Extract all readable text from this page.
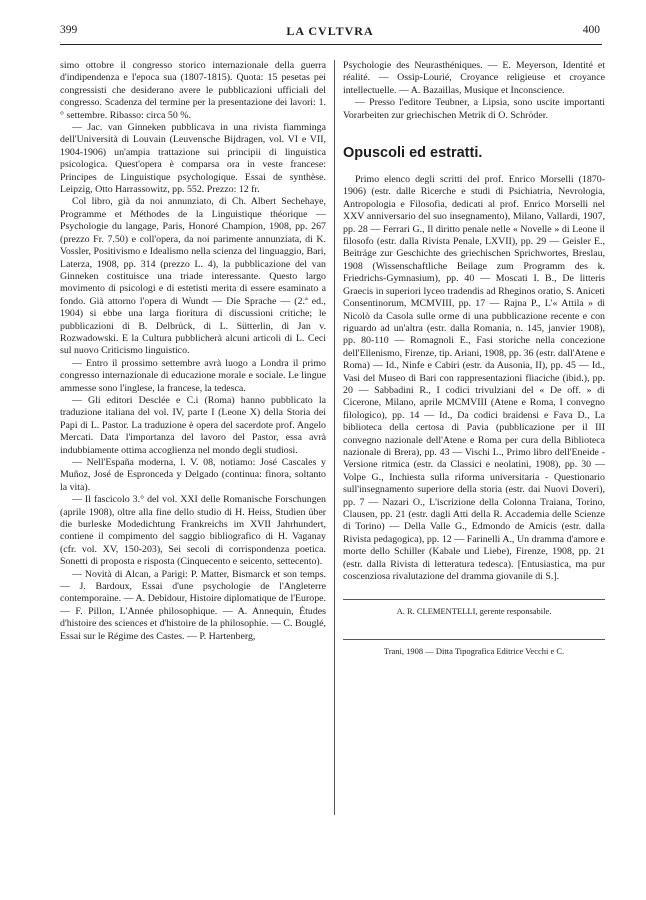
399	LA CVLTVRA	400

simo ottobre il congresso storico internazionale della guerra d'indipendenza e l'epoca sua (1807-1815). Quota: 15 pesetas pei congressisti che desiderano avere le pubblicazioni ufficiali del congresso. Scadenza del termine per la presentazione dei lavori: 1.° settembre. Ribasso: circa 50 %.

— Jac. van Ginneken pubblicava in una rivista fiamminga dell'Università di Louvain (Leuvensche Bijdragen, vol. VI e VII, 1904-1906) un'ampia trattazione sui principii di linguistica psicologica. Quest'opera è comparsa ora in veste francese: Principes de Linguistique psychologique. Essai de synthèse. Leipzig, Otto Harrassowitz, pp. 552. Prezzo: 12 fr.

Col libro, già da noi annunziato, di Ch. Albert Sechehaye, Programme et Méthodes de la Linguistique théorique — Psychologie du langage, Paris, Honoré Champion, 1908, pp. 267 (prezzo Fr. 7.50) e coll'opera, da noi parimente annunziata, di K. Vossler, Positivismo e Idealismo nella scienza del linguaggio, Bari, Laterza, 1908, pp. 314 (prezzo L. 4), la pubblicazione del van Ginneken costituisce una triade interessante. Questo largo movimento di psicologi e di estetisti merita di essere esaminato a fondo. Già attorno l'opera di Wundt — Die Sprache — (2.ª ed., 1904) si ebbe una larga fioritura di discussioni critiche; le pubblicazioni di B. Delbrück, di L. Sütterlin, di Jan v. Rozwadowski. E la Cultura pubblicherà alcuni articoli di L. Ceci sul nuovo Criticismo linguistico.

— Entro il prossimo settembre avrà luogo a Londra il primo congresso internazionale di educazione morale e sociale. Le lingue ammesse sono l'inglese, la francese, la tedesca.

— Gli editori Desclée e C.i (Roma) hanno pubblicato la traduzione italiana del vol. IV, parte I (Leone X) della Storia dei Papi di L. Pastor. La traduzione è opera del sacerdote prof. Angelo Mercati. Data l'importanza del lavoro del Pastor, essa avrà indubbiamente ottima accoglienza nel mondo degli studiosi.

— Nell'España moderna, l. V. 08, notiamo: José Cascales y Muñoz, José de Espronceda y Delgado (continua: finora, soltanto la vita).

— Il fascicolo 3.° del vol. XXI delle Romanische Forschungen (aprile 1908), oltre alla fine dello studio di H. Heiss, Studien über die burleske Modedichtung Frankreichs im XVII Jahrhundert, contiene il compimento del saggio bibliografico di H. Vaganay (cfr. vol. XV, 150-203), Sei secoli di corrispondenza poetica. Sonetti di proposta e risposta (Cinquecento e seicento, settecento).

— Novità di Alcan, a Parigi: P. Matter, Bismarck et son temps. — J. Bardoux, Essai d'une psychologie de l'Angleterre contemporaine. — A. Debidour, Histoire diplomatique de l'Europe. — F. Pillon, L'Année philosophique. — A. Annequin, Études d'histoire des sciences et d'histoire de la philosophie. — C. Bouglé, Essai sur le Régime des Castes. — P. Hartenberg,

Psychologie des Neurasthéniques. — E. Meyerson, Identité et réalité. — Ossip-Lourié, Croyance religieuse et croyance intellectuelle. — A. Bazaillas, Musique et Inconscience.

— Presso l'editore Teubner, a Lipsia, sono uscite importanti Vorarbeiten zur griechischen Metrik di O. Schröder.

Opuscoli ed estratti.

Primo elenco degli scritti del prof. Enrico Morselli (1870-1906) (estr. dalle Ricerche e studi di Psichiatria, Nevrologia, Antropologia e Filosofia, dedicati al prof. Enrico Morselli nel XXV anniversario del suo insegnamento), Milano, Vallardi, 1907, pp. 28 — Ferrari G., Il diritto penale nelle « Novelle » di Leone il filosofo (estr. dalla Rivista Penale, LXVII), pp. 29 — Geisler E., Beiträge zur Geschichte des griechischen Sprichwortes, Breslau, 1908 (Wissenschaftliche Beilage zum Programm des k. Friedrichs-Gymnasium), pp. 40 — Moscati I. B., De litteris Graecis in superiori lyceo tradendis ad Rheginos oratio, S. Aniceti Consentinorum, MCMVIII, pp. 17 — Rajna P., L'« Attila » di Nicolò da Casola sulle orme di una pubblicazione recente e con riguardo ad un'altra (estr. dalla Romania, n. 145, janvier 1908), pp. 80-110 — Romagnoli E., Fasi storiche nella concezione dell'Ellenismo, Firenze, tip. Ariani, 1908, pp. 36 (estr. dall'Atene e Roma) — Id., Ninfe e Cabiri (estr. da Ausonia, II), pp. 45 — Id., Vasi del Museo di Bari con rappresentazioni fliaciche (ibid.), pp. 20 — Sabbadini R., I codici trivulziani del « De off. » di Cicerone, Milano, aprile MCMVIII (Atene e Roma, I convegno filologico), pp. 14 — Id., Da codici braidensi e Fava D., La biblioteca della certosa di Pavia (pubblicazione per il III convegno nazionale dell'Atene e Roma per cura della Biblioteca nazionale di Brera), pp. 43 — Vischi L., Primo libro dell'Eneide - Versione ritmica (estr. da Classici e neolatini, 1908), pp. 30 — Volpe G., Inchiesta sulla riforma universitaria - Questionario sull'insegnamento superiore della storia (estr. dai Nuovi Doveri), pp. 7 — Nazari O., L'iscrizione della Colonna Traiana, Torino, Clausen, pp. 21 (estr. dagli Atti della R. Accademia delle Scienze di Torino) — Della Valle G., Edmondo de Amicis (estr. dalla Rivista pedagogica), pp. 12 — Farinelli A., Un dramma d'amore e morte dello Schiller (Kabale und Liebe), Firenze, 1908, pp. 21 (estr. dalla Rivista di letteratura tedesca). [Entusiastica, ma pur coscenziosa rivalutazione del dramma giovanile di S.].

A. R. CLEMENTELLI, gerente responsabile.
Trani, 1908 — Ditta Tipografica Editrice Vecchi e C.
